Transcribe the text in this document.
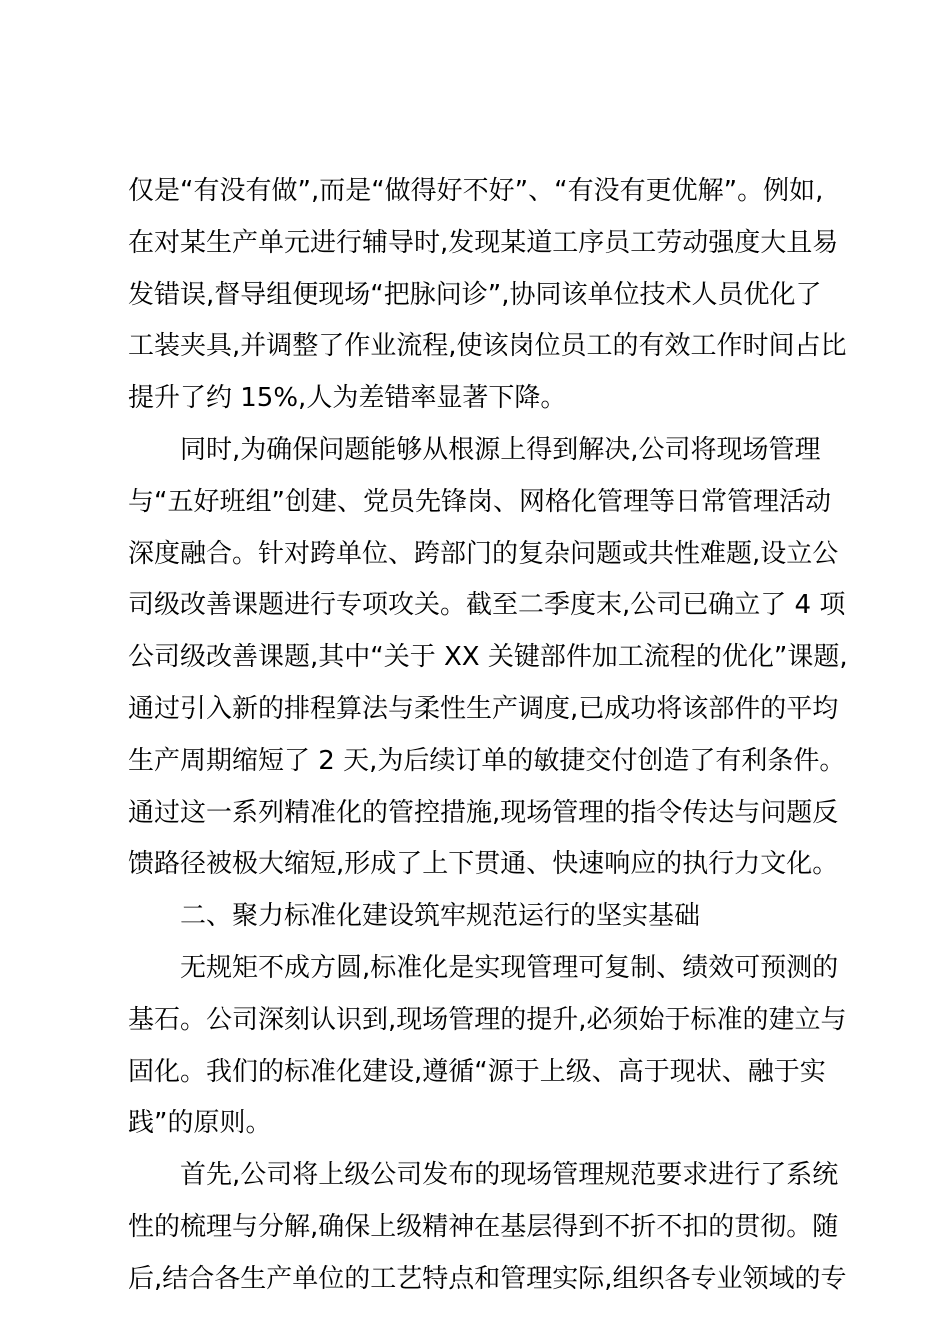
仅是“有没有做”,而是“做得好不好”、“有没有更优解”。例如,
在对某生产单元进行辅导时,发现某道工序员工劳动强度大且易
发错误,督导组便现场“把脉问诊”,协同该单位技术人员优化了
工装夹具,并调整了作业流程,使该岗位员工的有效工作时间占比
提升了约 15%,人为差错率显著下降。
同时,为确保问题能够从根源上得到解决,公司将现场管理
与“五好班组”创建、党员先锋岗、网格化管理等日常管理活动
深度融合。针对跨单位、跨部门的复杂问题或共性难题,设立公
司级改善课题进行专项攻关。截至二季度末,公司已确立了 4 项
公司级改善课题,其中“关于 XX 关键部件加工流程的优化”课题,
通过引入新的排程算法与柔性生产调度,已成功将该部件的平均
生产周期缩短了 2 天,为后续订单的敏捷交付创造了有利条件。
通过这一系列精准化的管控措施,现场管理的指令传达与问题反
馈路径被极大缩短,形成了上下贯通、快速响应的执行力文化。
二、聚力标准化建设筑牢规范运行的坚实基础
无规矩不成方圆,标准化是实现管理可复制、绩效可预测的
基石。公司深刻认识到,现场管理的提升,必须始于标准的建立与
固化。我们的标准化建设,遵循“源于上级、高于现状、融于实
践”的原则。
首先,公司将上级公司发布的现场管理规范要求进行了系统
性的梳理与分解,确保上级精神在基层得到不折不扣的贯彻。随
后,结合各生产单位的工艺特点和管理实际,组织各专业领域的专
